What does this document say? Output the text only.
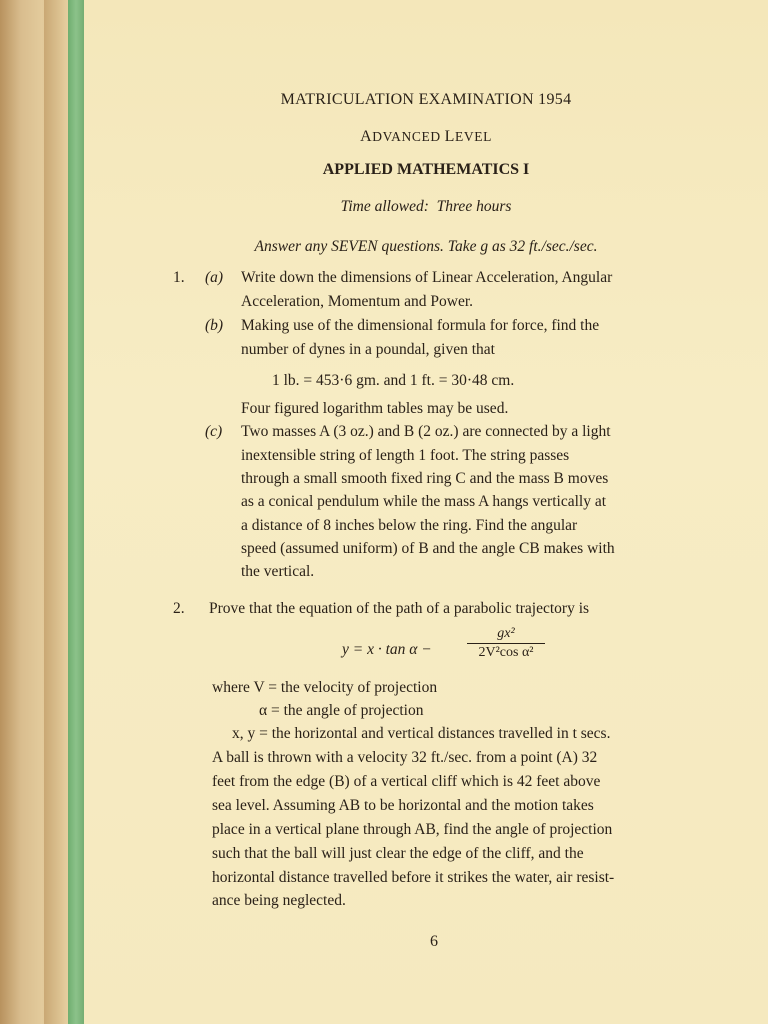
MATRICULATION EXAMINATION 1954
ADVANCED LEVEL
APPLIED MATHEMATICS I
Time allowed: Three hours
Answer any SEVEN questions. Take g as 32 ft./sec./sec.
1. (a) Write down the dimensions of Linear Acceleration, Angular
Acceleration, Momentum and Power.
(b) Making use of the dimensional formula for force, find the
number of dynes in a poundal, given that
1 lb. = 453·6 gm. and 1 ft. = 30·48 cm.
Four figured logarithm tables may be used.
(c) Two masses A (3 oz.) and B (2 oz.) are connected by a light
inextensible string of length 1 foot. The string passes
through a small smooth fixed ring C and the mass B moves
as a conical pendulum while the mass A hangs vertically at
a distance of 8 inches below the ring. Find the angular
speed (assumed uniform) of B and the angle CB makes with
the vertical.
2. Prove that the equation of the path of a parabolic trajectory is
y = x · tan α −
gx²
2V²cos α²
where V = the velocity of projection
α = the angle of projection
x, y = the horizontal and vertical distances travelled in t secs.
A ball is thrown with a velocity 32 ft./sec. from a point (A) 32
feet from the edge (B) of a vertical cliff which is 42 feet above
sea level. Assuming AB to be horizontal and the motion takes
place in a vertical plane through AB, find the angle of projection
such that the ball will just clear the edge of the cliff, and the
horizontal distance travelled before it strikes the water, air resist-
ance being neglected.
6
